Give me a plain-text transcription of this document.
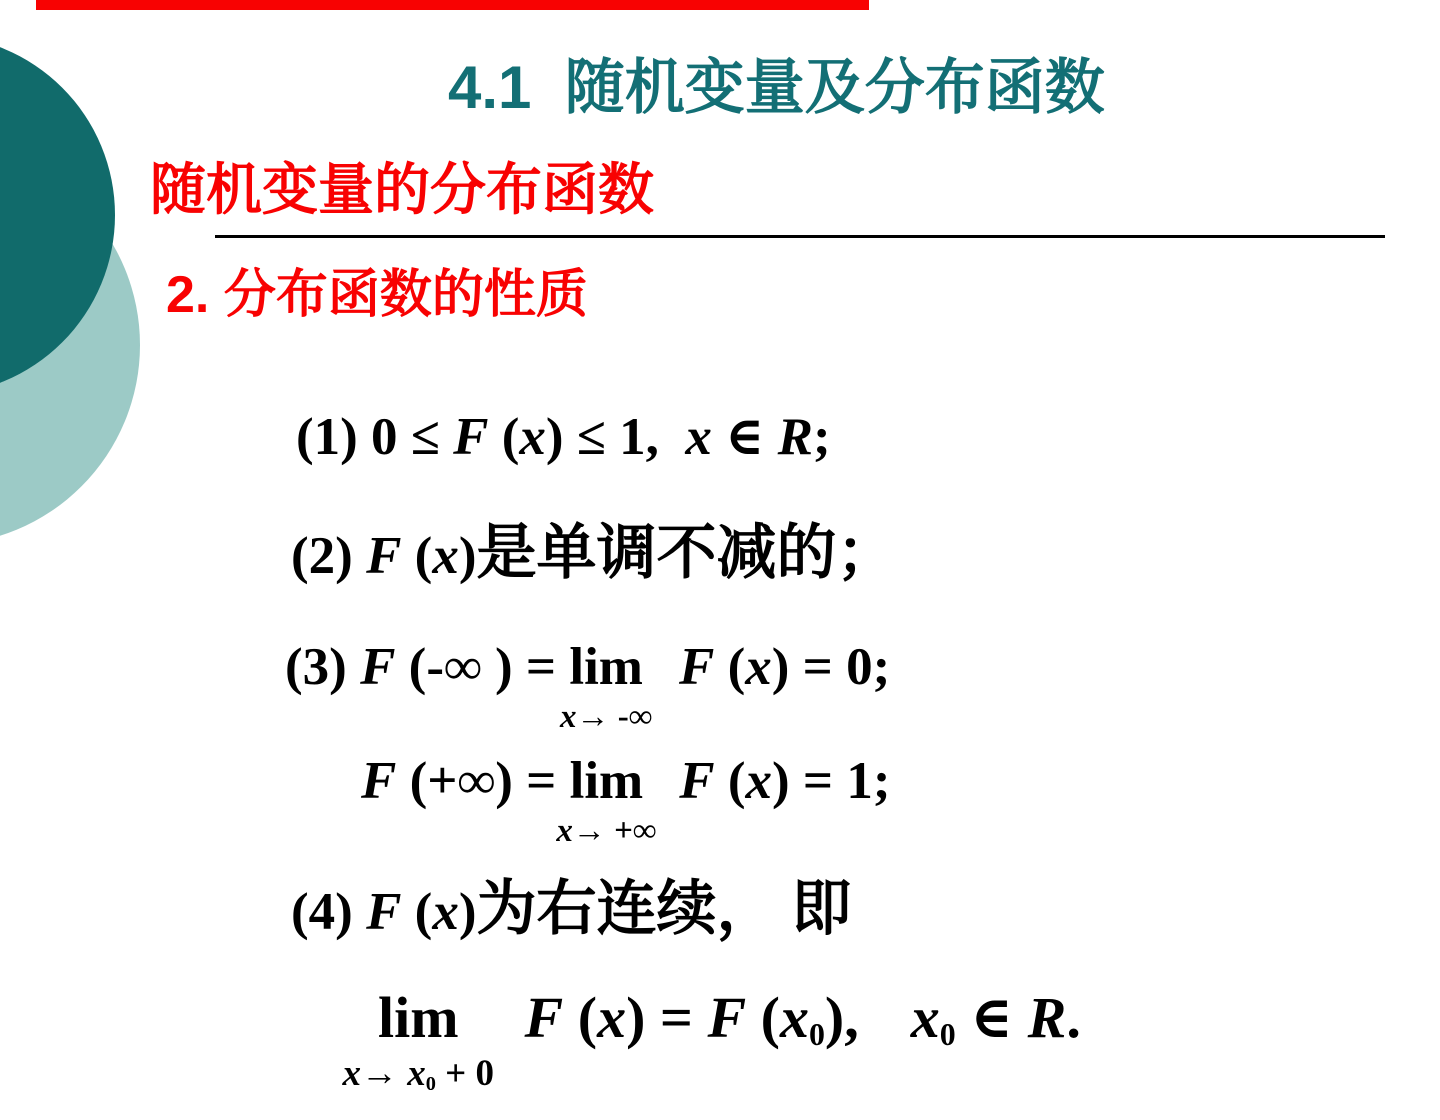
4.1  随机变量及分布函数
随机变量的分布函数
2. 分布函数的性质

(1) 0 ≤ F (x) ≤ 1,  x ∈ R;

(2) F (x)是单调不减的；

(3) F (-∞ ) = lim
x→ -∞
F (x) = 0;

F (+∞) = lim
x→ +∞
F (x) = 1;

(4) F (x)为右连续， 即

lim
x→ x0 + 0
F (x) = F (x0), x0 ∈ R.
